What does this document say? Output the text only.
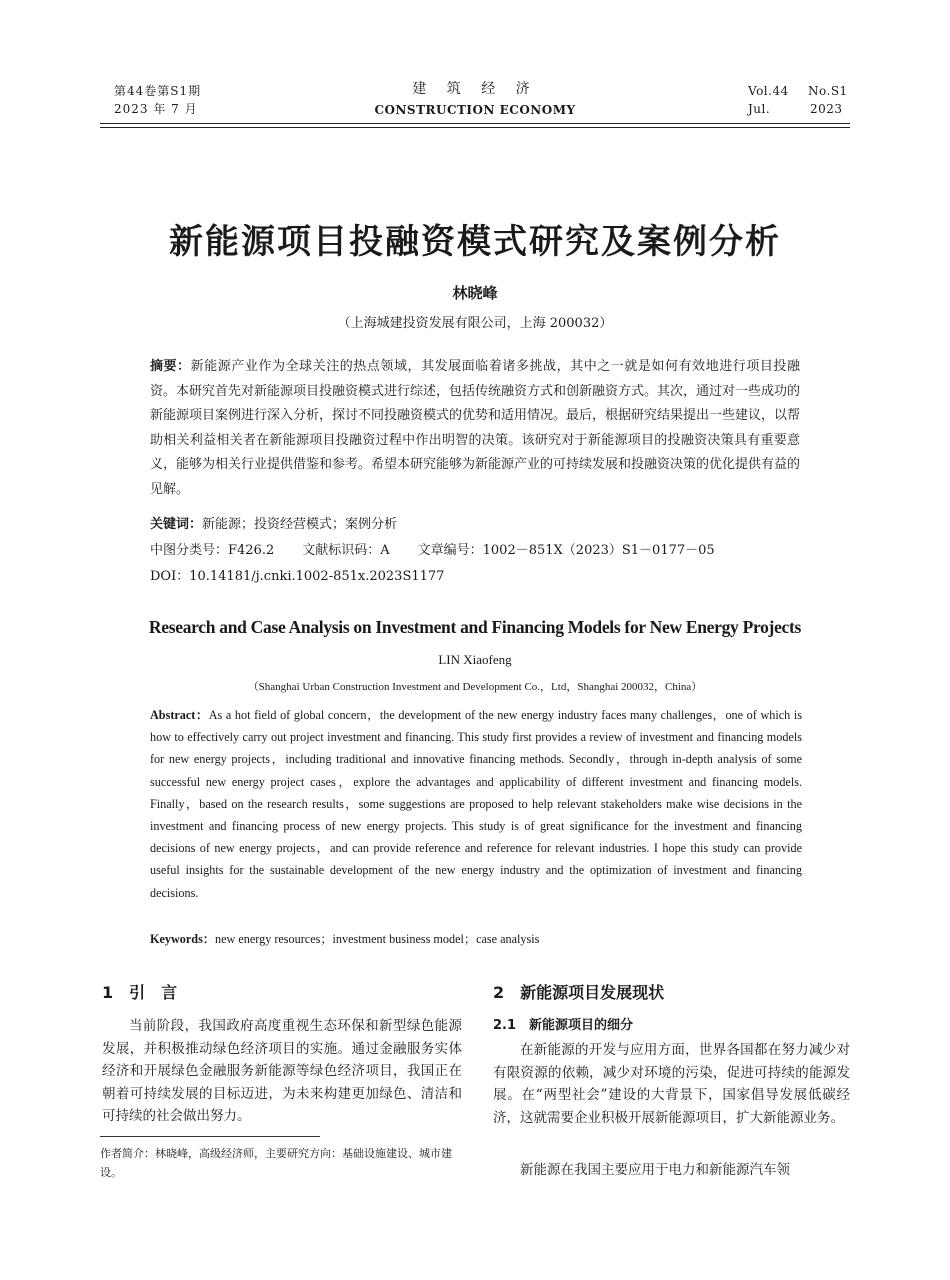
第44卷第S1期
2023 年 7 月
建 筑 经 济
CONSTRUCTION ECONOMY
Vol.44 No.S1
Jul.	2023
新能源项目投融资模式研究及案例分析
林晓峰
（上海城建投资发展有限公司，上海 200032）
摘要：新能源产业作为全球关注的热点领域，其发展面临着诸多挑战，其中之一就是如何有效地进行项目投融资。本研究首先对新能源项目投融资模式进行综述，包括传统融资方式和创新融资方式。其次，通过对一些成功的新能源项目案例进行深入分析，探讨不同投融资模式的优势和适用情况。最后，根据研究结果提出一些建议，以帮助相关利益相关者在新能源项目投融资过程中作出明智的决策。该研究对于新能源项目的投融资决策具有重要意义，能够为相关行业提供借鉴和参考。希望本研究能够为新能源产业的可持续发展和投融资决策的优化提供有益的见解。
关键词：新能源；投资经营模式；案例分析
中图分类号：F426.2 文献标识码：A 文章编号：1002－851X（2023）S1－0177－05
DOI：10.14181/j.cnki.1002-851x.2023S1177
Research and Case Analysis on Investment and Financing Models for New Energy Projects
LIN Xiaofeng
（Shanghai Urban Construction Investment and Development Co.，Ltd，Shanghai 200032，China）
Abstract：As a hot field of global concern，the development of the new energy industry faces many challenges，one of which is how to effectively carry out project investment and financing. This study first provides a review of investment and financing models for new energy projects，including traditional and innovative financing methods. Secondly，through in-depth analysis of some successful new energy project cases，explore the advantages and applicability of different investment and financing models. Finally，based on the research results，some suggestions are proposed to help relevant stakeholders make wise decisions in the investment and financing process of new energy projects. This study is of great significance for the investment and financing decisions of new energy projects，and can provide reference and reference for relevant industries. I hope this study can provide useful insights for the sustainable development of the new energy industry and the optimization of investment and financing decisions.
Keywords：new energy resources；investment business model；case analysis
1　引　言
当前阶段，我国政府高度重视生态环保和新型绿色能源发展，并积极推动绿色经济项目的实施。通过金融服务实体经济和开展绿色金融服务新能源等绿色经济项目，我国正在朝着可持续发展的目标迈进，为未来构建更加绿色、清洁和可持续的社会做出努力。
作者简介：林晓峰，高级经济师，主要研究方向：基础设施建设、城市建设。
2　新能源项目发展现状
2.1　新能源项目的细分
在新能源的开发与应用方面，世界各国都在努力减少对有限资源的依赖，减少对环境的污染，促进可持续的能源发展。在“两型社会”建设的大背景下，国家倡导发展低碳经济，这就需要企业积极开展新能源项目，扩大新能源业务。
新能源在我国主要应用于电力和新能源汽车领
